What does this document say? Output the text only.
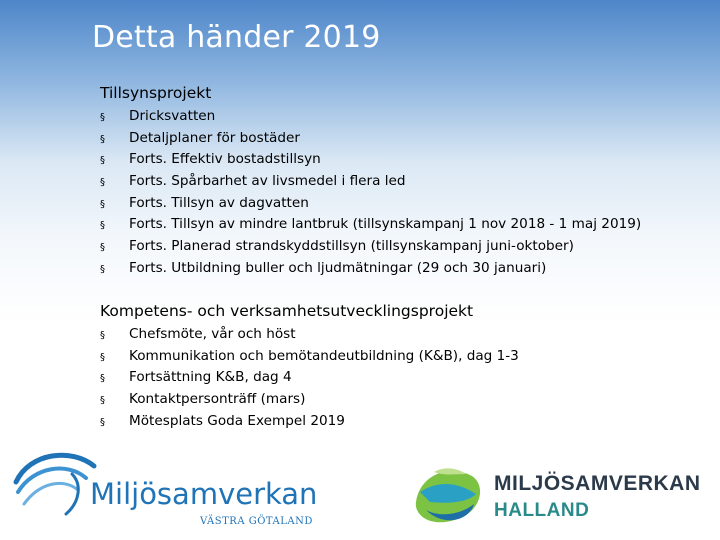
Detta händer 2019
Tillsynsprojekt
§	Dricksvatten
§	Detaljplaner för bostäder
§	Forts. Effektiv bostadstillsyn
§	Forts. Spårbarhet av livsmedel i flera led
§	Forts. Tillsyn av dagvatten
§	Forts. Tillsyn av mindre lantbruk (tillsynskampanj 1 nov 2018 - 1 maj 2019)
§	Forts. Planerad strandskyddstillsyn (tillsynskampanj juni-oktober)
§	Forts. Utbildning buller och ljudmätningar (29 och 30 januari)
Kompetens- och verksamhetsutvecklingsprojekt
§	Chefsmöte, vår och höst
§	Kommunikation och bemötandeutbildning (K&B), dag 1-3
§	Fortsättning K&B, dag 4
§	Kontaktpersonträff (mars)
§	Mötesplats Goda Exempel 2019
Miljösamverkan
VÄSTRA GÖTALAND
MILJÖSAMVERKAN
HALLAND
